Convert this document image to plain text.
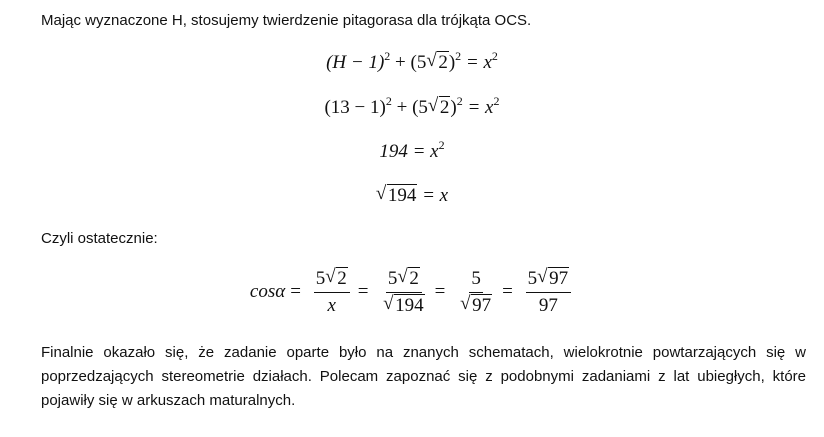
Mając wyznaczone H, stosujemy twierdzenie pitagorasa dla trójkąta OCS.
$(H - 1)^2 + (5$ √ $2)^2 = x^2$
$(13 - 1)^2 + (5$ √ $2)^2 = x^2$
$194 = x^2$
√ 194 = x
Czyli ostatecznie:
$\cos\alpha = \frac{5 √ 2}{x} = \frac{5 √ 2}{√ 194} = \frac{5}{√ 97} = \frac{5 √ 97}{97}$
Finalnie okazało się, że zadanie oparte było na znanych schematach, wielokrotnie powtarzających się w poprzedzających stereometrie działach. Polecam zapoznać się z podobnymi zadaniami z lat ubiegłych, które pojawiły się w arkuszach maturalnych.
